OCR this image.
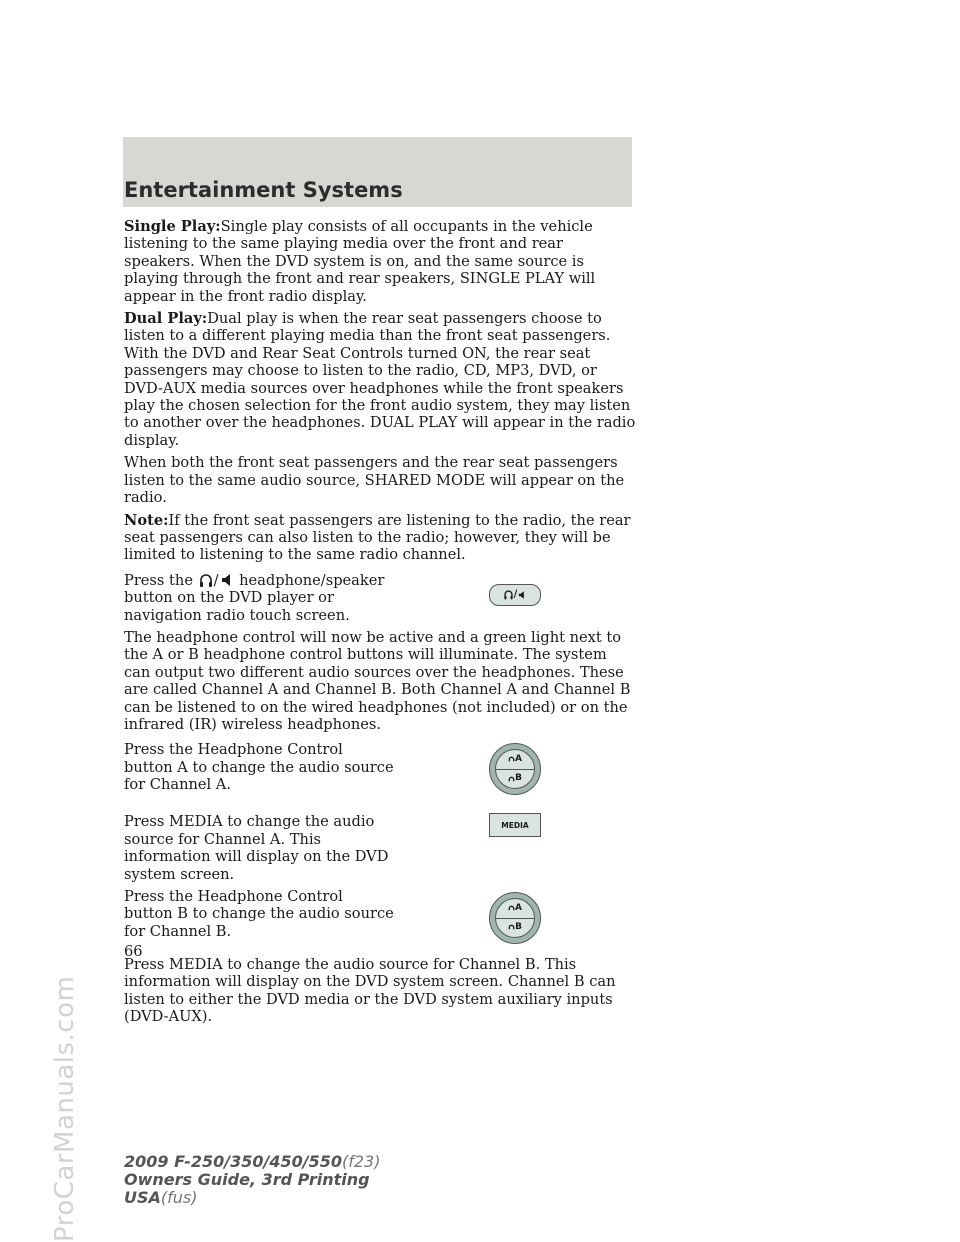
Entertainment Systems
ProCarManuals.com

Single Play:Single play consists of all occupants in the vehicle listening to the same playing media over the front and rear speakers. When the DVD system is on, and the same source is playing through the front and rear speakers, SINGLE PLAY will appear in the front radio display.

Dual Play:Dual play is when the rear seat passengers choose to listen to a different playing media than the front seat passengers. With the DVD and Rear Seat Controls turned ON, the rear seat passengers may choose to listen to the radio, CD, MP3, DVD, or DVD-AUX media sources over headphones while the front speakers play the chosen selection for the front audio system, they may listen to another over the headphones. DUAL PLAY will appear in the radio display.

When both the front seat passengers and the rear seat passengers listen to the same audio source, SHARED MODE will appear on the radio.

Note:If the front seat passengers are listening to the radio, the rear seat passengers can also listen to the radio; however, they will be limited to listening to the same radio channel.

Press the / headphone/speaker button on the DVD player or navigation radio touch screen.
/

The headphone control will now be active and a green light next to the A or B headphone control buttons will illuminate. The system can output two different audio sources over the headphones. These are called Channel A and Channel B. Both Channel A and Channel B can be listened to on the wired headphones (not included) or on the infrared (IR) wireless headphones.

Press the Headphone Control button A to change the audio source for Channel A.
A
B
Press MEDIA to change the audio source for Channel A. This information will display on the DVD system screen.
MEDIA
Press the Headphone Control button B to change the audio source for Channel B.
A
B

Press MEDIA to change the audio source for Channel B. This information will display on the DVD system screen. Channel B can listen to either the DVD media or the DVD system auxiliary inputs (DVD-AUX).

66
2009 F-250/350/450/550(f23)
Owners Guide, 3rd Printing
USA(fus)
